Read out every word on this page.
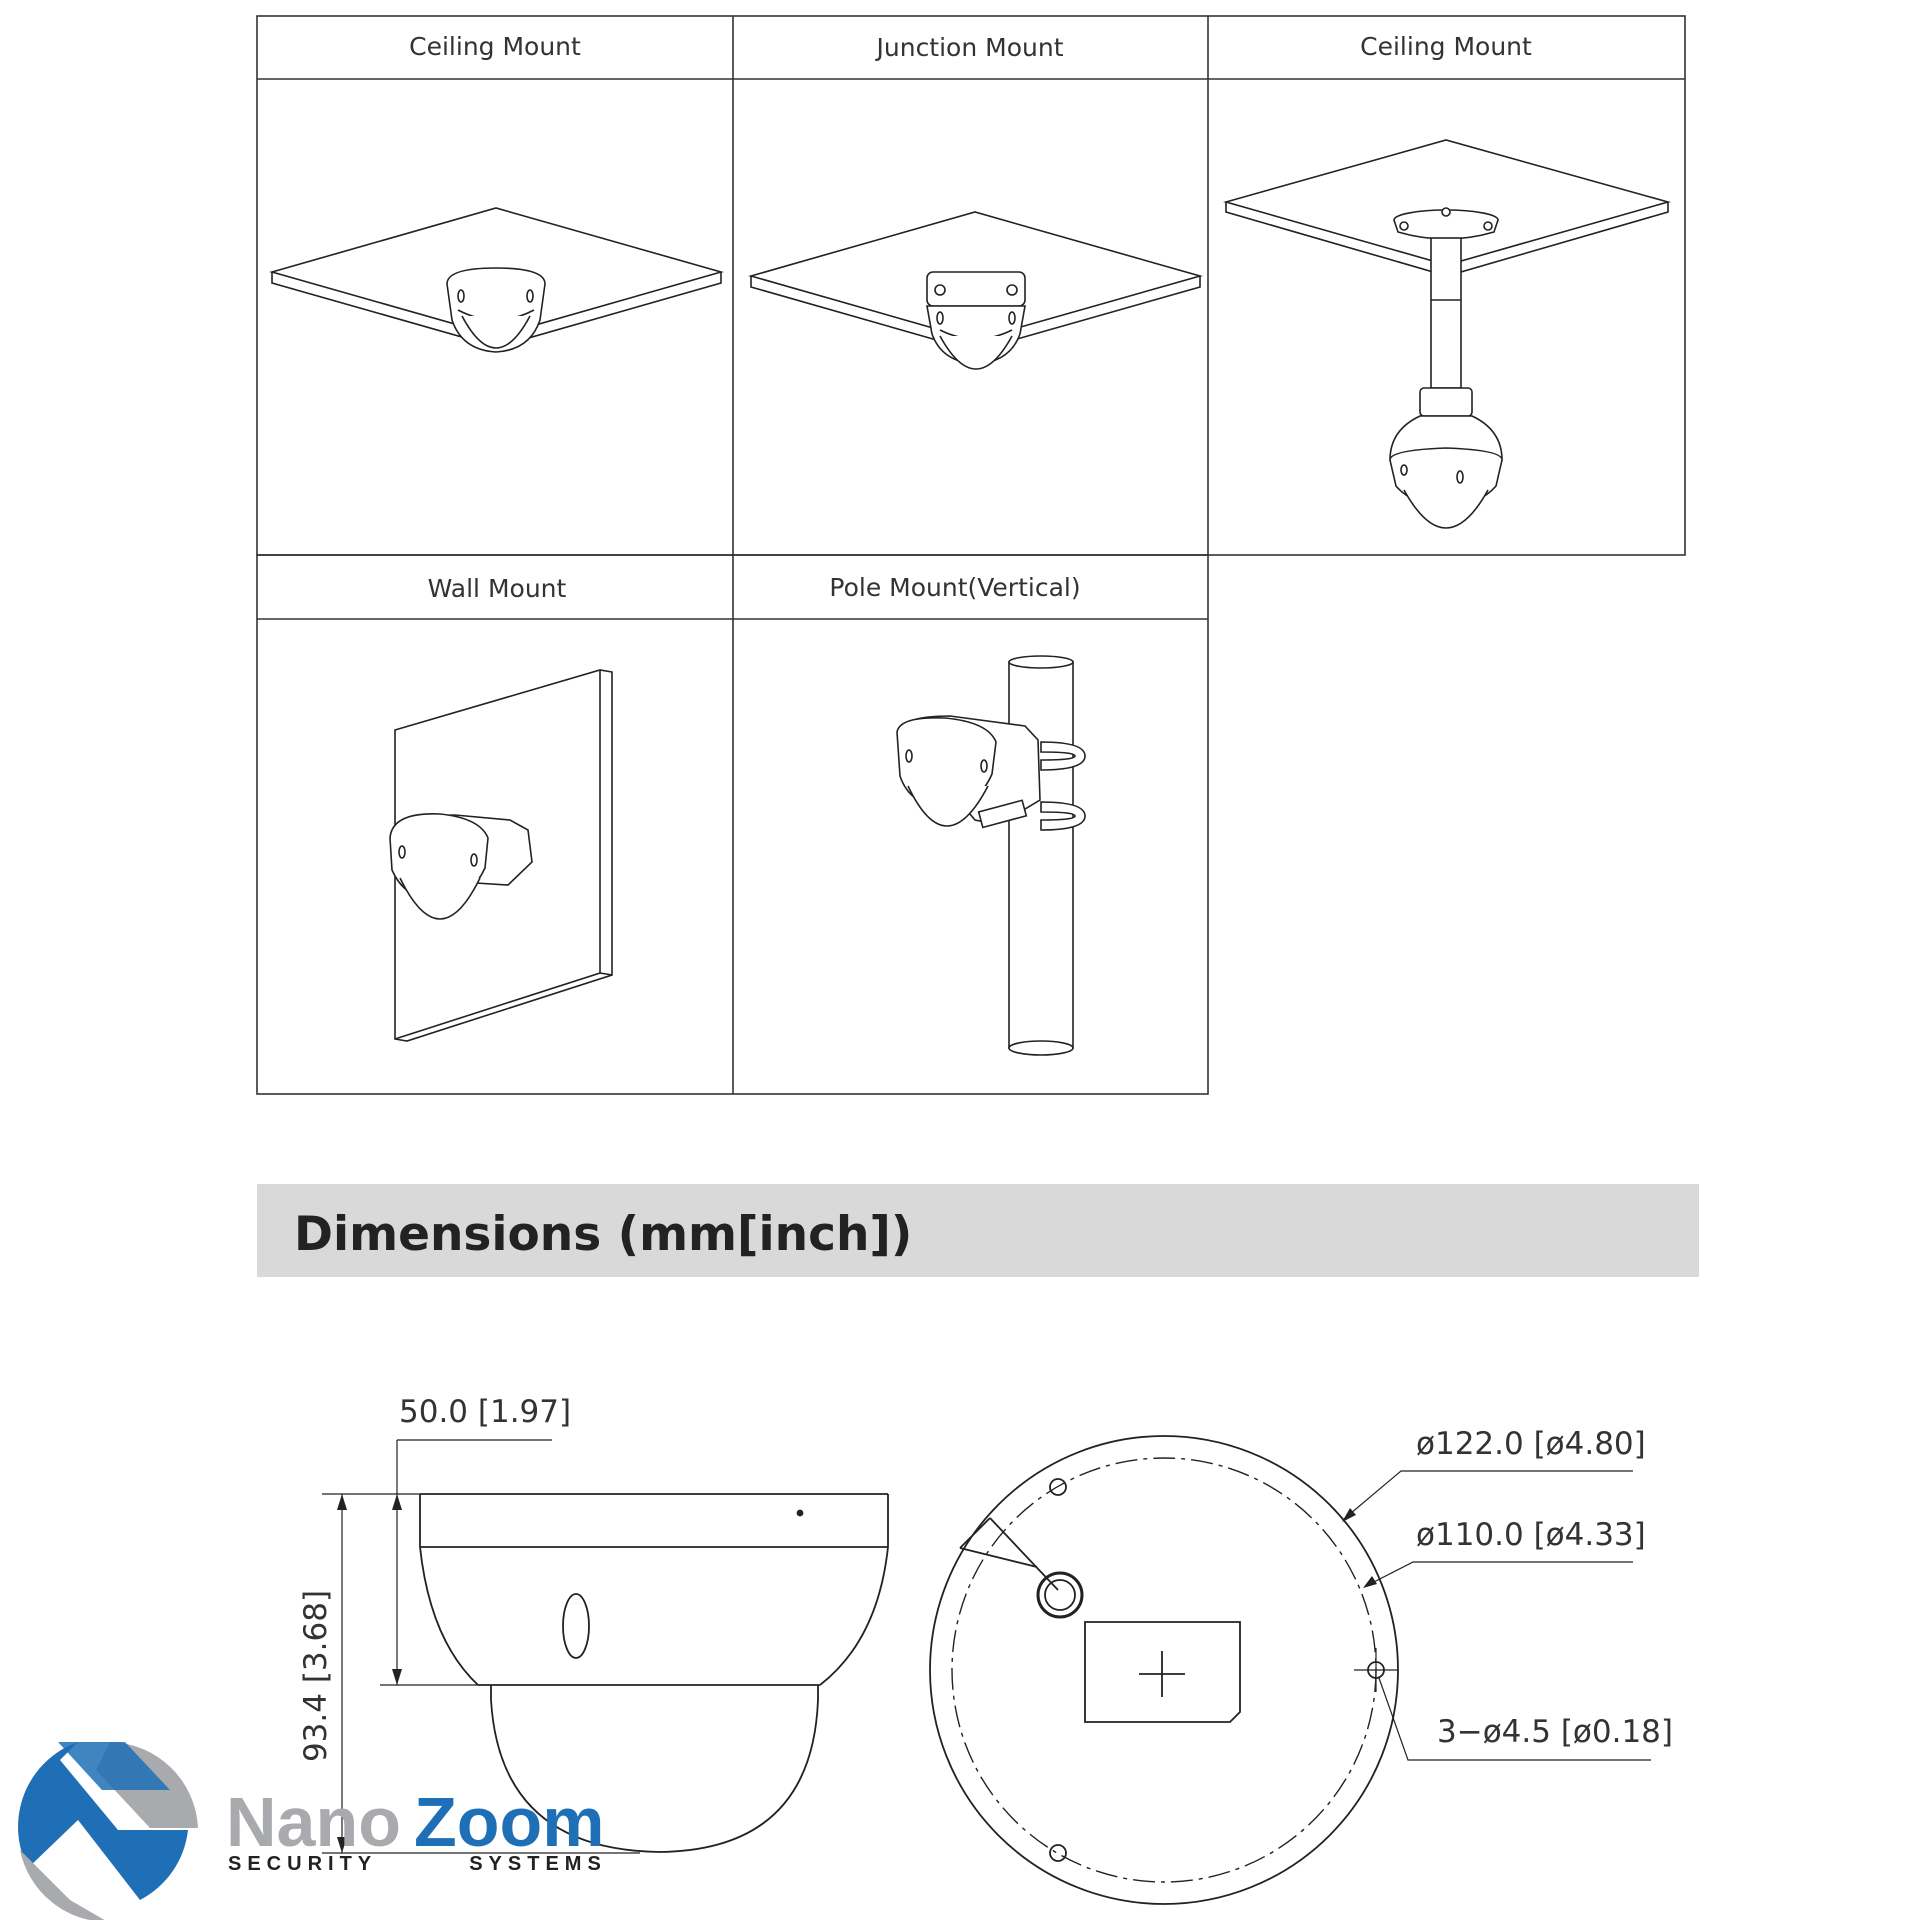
Ceiling Mount	Junction Mount	Ceiling Mount
Wall Mount	Pole Mount(Vertical)
Dimensions (mm[inch])
50.0 [1.97]
93.4 [3.68]
ø122.0 [ø4.80]
ø110.0 [ø4.33]
3−ø4.5 [ø0.18]
Nano Zoom
SECURITY        SYSTEMS
